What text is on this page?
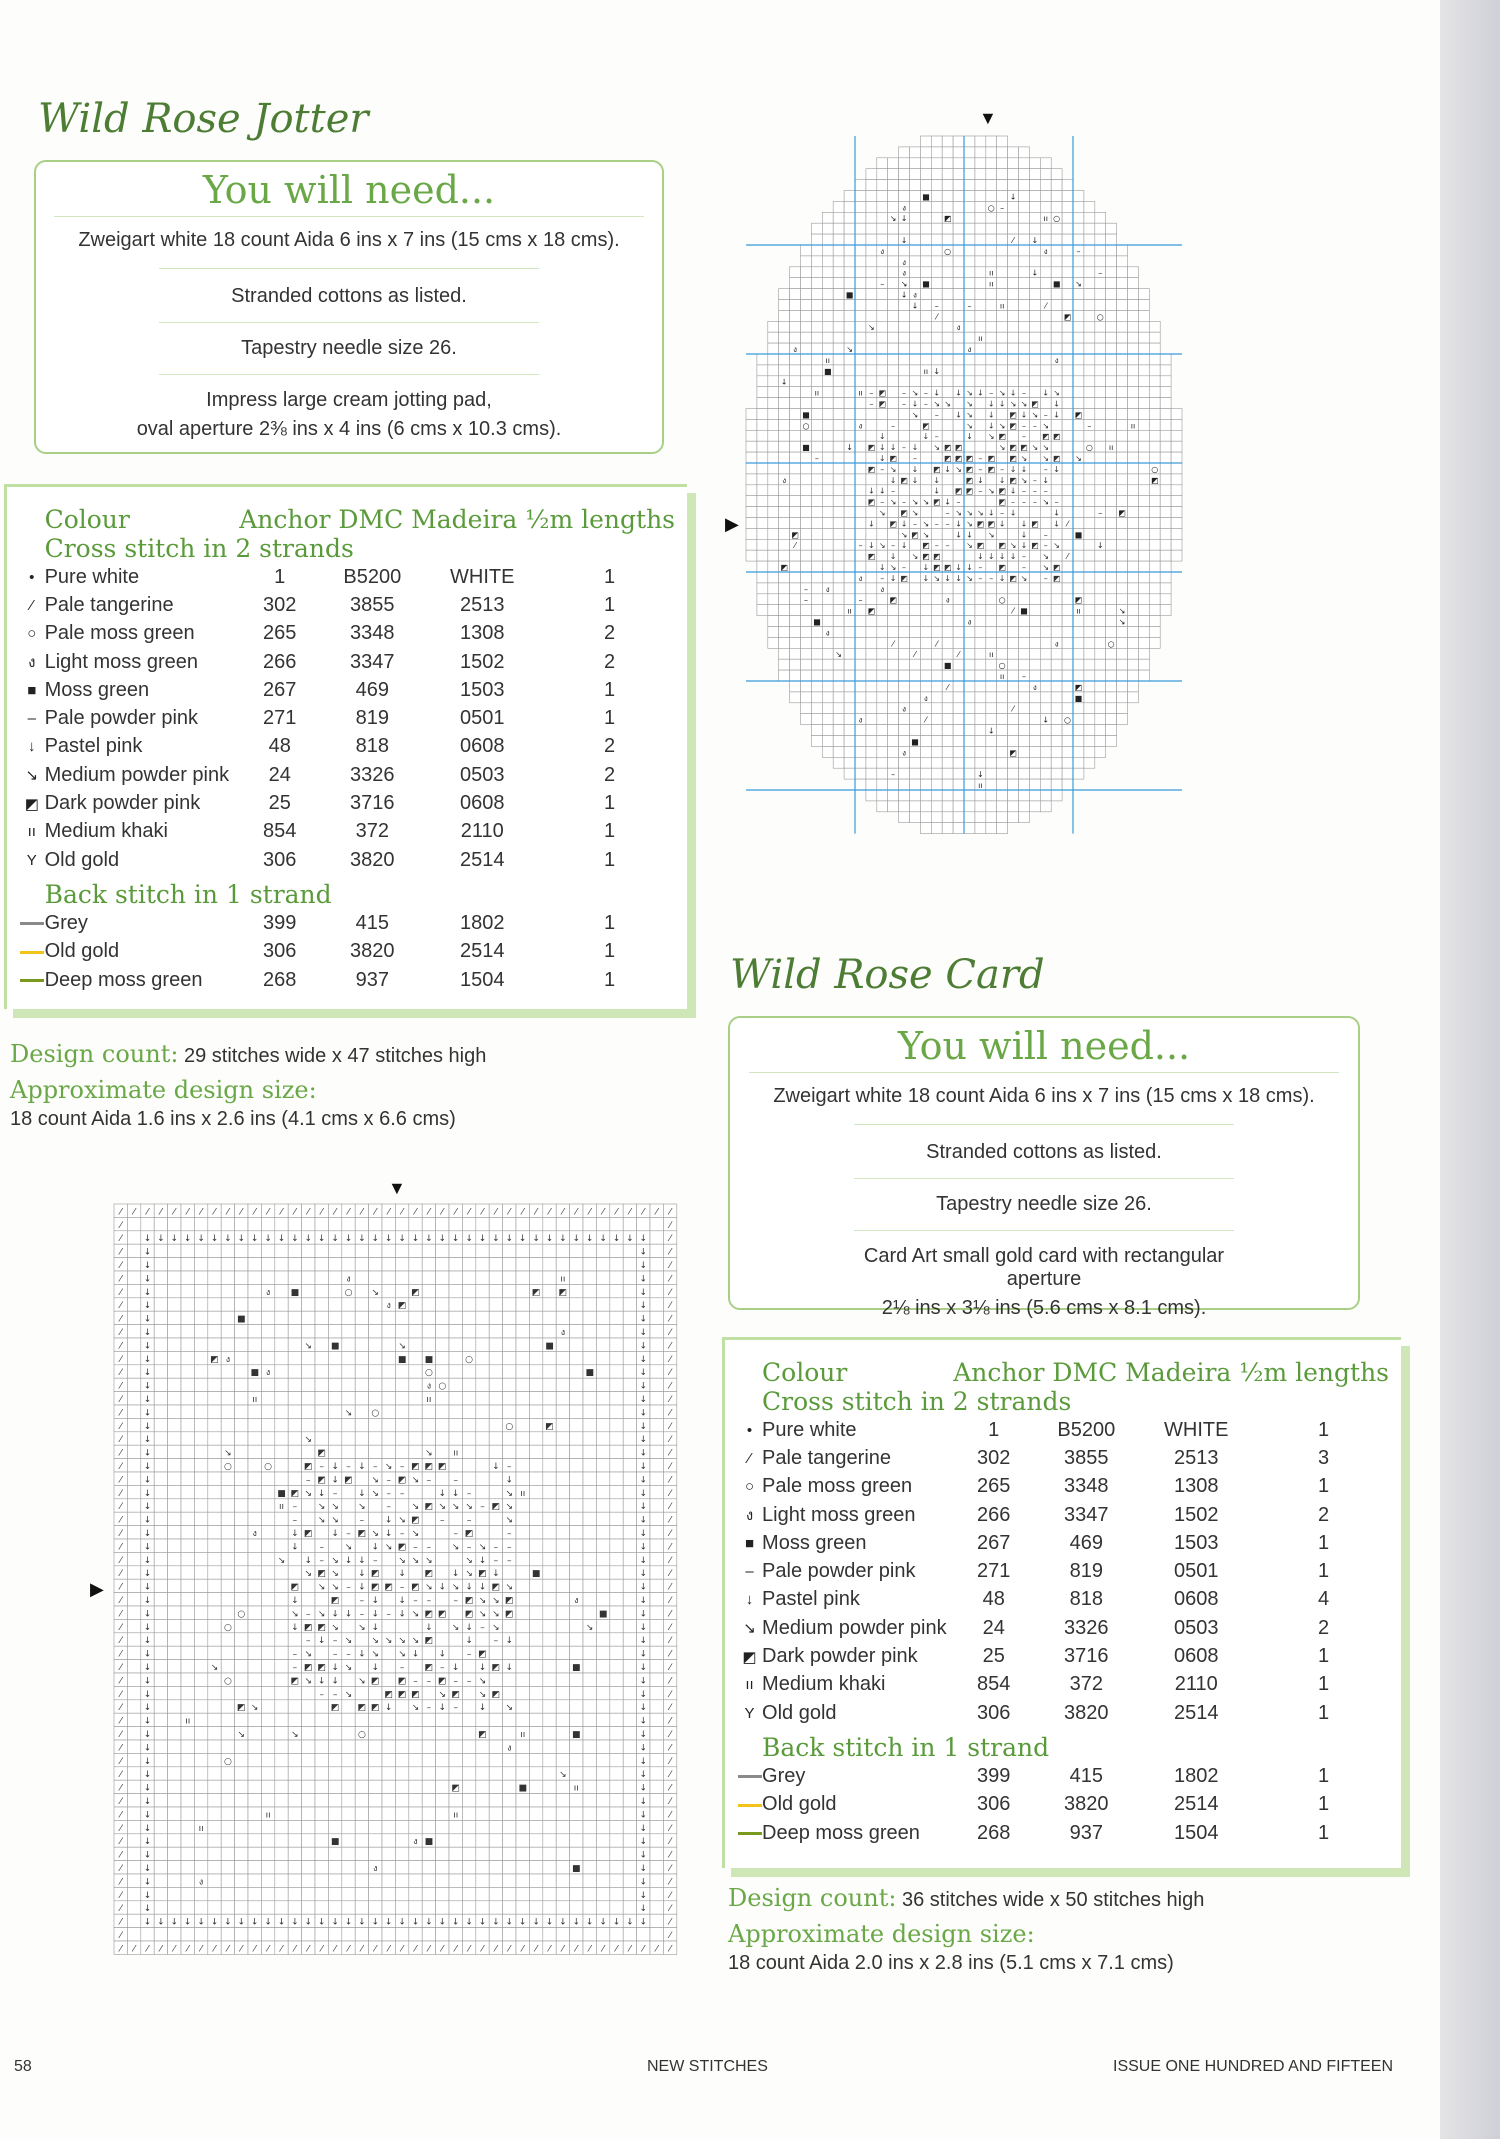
Wild Rose Jotter
You will need...
Zweigart white 18 count Aida 6 ins x 7 ins (15 cms x 18 cms).
Stranded cottons as listed.
Tapestry needle size 26.
Impress large cream jotting pad,
oval aperture 2⅜ ins x 4 ins (6 cms x 10.3 cms).
	Colour	Anchor DMC Madeira ½m lengths			
	Cross stitch in 2 strands				
•	Pure white	1	B5200	WHITE	1
⁄	Pale tangerine	302	3855	2513	1
○	Pale moss green	265	3348	1308	2
ง	Light moss green	266	3347	1502	2
■	Moss green	267	469	1503	1
–	Pale powder pink	271	819	0501	1
↓	Pastel pink	48	818	0608	2
↘	Medium powder pink	24	3326	0503	2
◩	Dark powder pink	25	3716	0608	1
ıı	Medium khaki	854	372	2110	1
Y	Old gold	306	3820	2514	1
	Back stitch in 1 strand				
	Grey	399	415	1802	1
	Old gold	306	3820	2514	1
	Deep moss green	268	937	1504	1
Design count: 29 stitches wide x 47 stitches high
Approximate design size:
18 count Aida 1.6 ins x 2.6 ins (4.1 cms x 6.6 cms)
▼
▶
■	↓
ง	○ –
↘ ↓	◩	ıı ○
↓	⁄ ↓
ง	○	ง	–
ง
ง	ıı	↓	–
– ↘ ■	ıı	■ ↘
■	↓ ง
↓ –	–	ıı	⁄
⁄	◩	○
↘	ง
ıı
ง	↘	ง
ıı	ง
■	ıı ↓
↓
ıı	ıı – ◩ – ↘ – ↓ ↓ ↘ ↓ – ↘ ↓ – ↓ ↘
– ◩ – ↓ – ↘ ↘ ↘ ↓ ↓ ↘ ↘ ◩ ↓
■	↘ – ↓ ↘ ↓ ◩ ↓ ↘ – ↓ ◩
○	ง	–	◩	↘ ↓ ↘ ◩ – – ↘	–	ıı
↓	↓ –	↓ ↘ ◩ – ◩ ◩
■	↓ ◩ ↓ ↓ – ↓ ↘ ◩ ◩	↘ ◩ ◩ ↘ ↘	○ ıı
–	↓ ◩ –	◩ ◩ ◩ – ◩ ◩ ↘ ↘ ◩ ↘
◩ – ↘ ↓ ◩ ↓ ↘ ◩ – ◩ – ↓ ↓ – ↓	○
ง	↓ ◩ ↓ ↓	◩ ↓ ↓ ◩ ↘ – ↓	◩
↓ ↓ –	↓ ◩ ◩ – ↘ ◩ ↓ – – –
◩ – ↘ – ↘ ↘ ◩ ↓ –	◩ – – – ↘ –
↘ ◩ ↘	– ↘ ↘ ↘ ↓ – ↓	↓	– ◩
↓ ◩ ↓ – ↘ – – ↓ ↘ ◩ ◩ ↓ ↓ ◩ ↓ ⁄
◩	↘ ◩ ↘	↓ ↓ ↘	↓ –	■
⁄	– ↓ ↘ – ↓ ◩ – – ↘ ◩ ◩ ↘ ↓ ◩ – ↘	↓
◩ ↓ ↘ ◩ ◩	↓ ↓ ↓ ↓ – ↘ ⁄
◩	↓ ↘ – ↓ ◩ ◩ ↓ ↓ – ◩ – ↘ ◩
ง – ↓ ◩ ↓ ↘ ↓ ↓ ↘ – – ↓ ◩ ↘ – ◩
– ง	ง
–	–	◩	ง	○	◩
ıı ◩	⁄ ■	ıı	↘
■	ง	↘
ง
⁄	⁄	ง	○
↘	⁄	⁄	ıı
■	○
ıı –
⁄	ง	◩
ง	■
ง	⁄
ง	⁄	↓ ○
↓
■
ง	◩
–	↓
ıı
▼
▶
⁄ ⁄ ⁄ ⁄ ⁄ ⁄ ⁄ ⁄ ⁄ ⁄ ⁄ ⁄ ⁄ ⁄ ⁄ ⁄ ⁄ ⁄ ⁄ ⁄ ⁄ ⁄ ⁄ ⁄ ⁄ ⁄ ⁄ ⁄ ⁄ ⁄ ⁄ ⁄ ⁄ ⁄ ⁄ ⁄ ⁄ ⁄ ⁄ ⁄ ⁄ ⁄
⁄	⁄
⁄ ↓ ↓ ↓ ↓ ↓ ↓ ↓ ↓ ↓ ↓ ↓ ↓ ↓ ↓ ↓ ↓ ↓ ↓ ↓ ↓ ↓ ↓ ↓ ↓ ↓ ↓ ↓ ↓ ↓ ↓ ↓ ↓ ↓ ↓ ↓ ↓ ↓ ↓ ⁄
⁄ ↓	↓ ⁄
⁄ ↓	↓ ⁄
⁄ ↓	ง	ıı	↓ ⁄
⁄ ↓	ง ■	○ ↘	◩	◩ ◩	↓ ⁄
⁄ ↓	ง ◩	↓ ⁄
⁄ ↓	■	↓ ⁄
⁄ ↓	ง	↓ ⁄
⁄ ↓	↘ ■	↘	■	↓ ⁄
⁄ ↓	◩ ง	■ ■	○	↓ ⁄
⁄ ↓	■ ง	○	■	↓ ⁄
⁄ ↓	ง ○	↓ ⁄
⁄ ↓	ıı	ıı	↓ ⁄
⁄ ↓	↘ ○	↓ ⁄
⁄ ↓	○	◩	↓ ⁄
⁄ ↓	↘	↓ ⁄
⁄ ↓	↘	◩	↘ ıı	↓ ⁄
⁄ ↓	○	○	◩ – ↓ – ↓ – ↘ – ◩ ◩ ◩	↓ –	↓ ⁄
⁄ ↓	– ◩ ↓ ◩ ↘ – ◩ ↘ – –	↓	↓ ⁄
⁄ ↓	■ ◩ ↘ ↓ – ↓ ↘ – –	↓ ↓ –	↘ ıı	↓ ⁄
⁄ ↓	ıı – ↘ ↘ ↘ – ↘ ◩ ↘ ↘ ↘ – ◩ ↘	↓ ⁄
⁄ ↓	– ↘ ↘ – ↓ ↘ ◩ – –	↘	↓ ⁄
⁄ ↓	ง	↓ ◩ ↓ – ◩ ↘ ↓ – ↘	– ◩	–	↓ ⁄
⁄ ↓	↓ – ↘ ↓ ↘ ◩ – – ↘ – ↘ – –	↓ ⁄
⁄ ↓	↘ ↓ – ↘ ↓ ↓ – ↘ ↘ ↘	↘ ↓ – –	↓ ⁄
⁄ ↓	↘ ◩ ↘ ↓ ◩ ↓ ◩ ↓ ↘ ◩ ↓	■	↓ ⁄
⁄ ↓	◩ ↘ ↘ – ↓ ◩ ◩ – ◩ ↘ ↓ ↘ ↓ ↓ ◩ ↘	↓ ⁄
⁄ ↓	↓	◩ – ↓ ↓ – – – ◩ ↘ ↘ ◩	ง	↓ ⁄
⁄ ↓	○	↘ – ↘ ↓ ↓ – ↓ – ↓ ↘ ◩ ◩ ◩ ↘ ↘ ◩	■	↓ ⁄
⁄ ↓	○	↓ ◩ ◩ ↘ ↘ ↓	↓ ↘ ↓ – ↘	↘	↓ ⁄
⁄ ↓	– ↓ – ↘ ↘ ↘ ↘ ↘ ◩	↓ – ↓	↓ ⁄
⁄ ↓	– ↘ – – ↓ ↘ ↘ ↓ ↓ – ◩	↓ ⁄
⁄ ↓	↘	– ◩ ◩ ↓ ↘ ↓ – ◩ – ↓ ↓ ◩ ↓	■	↓ ⁄
⁄ ↓	○	◩ ↘ ↓ ↓ ↘ ◩ ◩ – – ◩ – – ↘	↓ ⁄
⁄ ↓	– – ↘	◩ ◩ ◩ ↘ ◩ ↘ ◩	↓ ⁄
⁄ ↓	◩ ↘	◩ ◩ ◩ ↓ ↘ – ↓ – ↓ ↘	↓ ⁄
⁄ ↓	ıı	↓ ⁄
⁄ ↓	↘	↘	○	◩	ıı	■	↓ ⁄
⁄ ↓	ง	↓ ⁄
⁄ ↓	○	↓ ⁄
⁄ ↓	↘	↓ ⁄
⁄ ↓	◩	■	ıı	↓ ⁄
⁄ ↓	↓ ⁄
⁄ ↓	ıı	ıı	↓ ⁄
⁄ ↓	ıı	↓ ⁄
⁄ ↓	■	ง ■	↓ ⁄
⁄ ↓	↓ ⁄
⁄ ↓	ง	■	↓ ⁄
⁄ ↓	ง	↓ ⁄
⁄ ↓	↓ ⁄
⁄ ↓	↓ ⁄
⁄ ↓ ↓ ↓ ↓ ↓ ↓ ↓ ↓ ↓ ↓ ↓ ↓ ↓ ↓ ↓ ↓ ↓ ↓ ↓ ↓ ↓ ↓ ↓ ↓ ↓ ↓ ↓ ↓ ↓ ↓ ↓ ↓ ↓ ↓ ↓ ↓ ↓ ↓ ⁄
⁄	⁄
⁄ ⁄ ⁄ ⁄ ⁄ ⁄ ⁄ ⁄ ⁄ ⁄ ⁄ ⁄ ⁄ ⁄ ⁄ ⁄ ⁄ ⁄ ⁄ ⁄ ⁄ ⁄ ⁄ ⁄ ⁄ ⁄ ⁄ ⁄ ⁄ ⁄ ⁄ ⁄ ⁄ ⁄ ⁄ ⁄ ⁄ ⁄ ⁄ ⁄ ⁄ ⁄
Wild Rose Card
You will need...
Zweigart white 18 count Aida 6 ins x 7 ins (15 cms x 18 cms).
Stranded cottons as listed.
Tapestry needle size 26.
Card Art small gold card with rectangular aperture
2⅛ ins x 3⅛ ins (5.6 cms x 8.1 cms).
	Colour	Anchor DMC Madeira ½m lengths			
	Cross stitch in 2 strands				
•	Pure white	1	B5200	WHITE	1
⁄	Pale tangerine	302	3855	2513	3
○	Pale moss green	265	3348	1308	1
ง	Light moss green	266	3347	1502	2
■	Moss green	267	469	1503	1
–	Pale powder pink	271	819	0501	1
↓	Pastel pink	48	818	0608	4
↘	Medium powder pink	24	3326	0503	2
◩	Dark powder pink	25	3716	0608	1
ıı	Medium khaki	854	372	2110	1
Y	Old gold	306	3820	2514	1
	Back stitch in 1 strand				
	Grey	399	415	1802	1
	Old gold	306	3820	2514	1
	Deep moss green	268	937	1504	1
Design count: 36 stitches wide x 50 stitches high
Approximate design size:
18 count Aida 2.0 ins x 2.8 ins (5.1 cms x 7.1 cms)
58	NEW STITCHES	ISSUE ONE HUNDRED AND FIFTEEN
